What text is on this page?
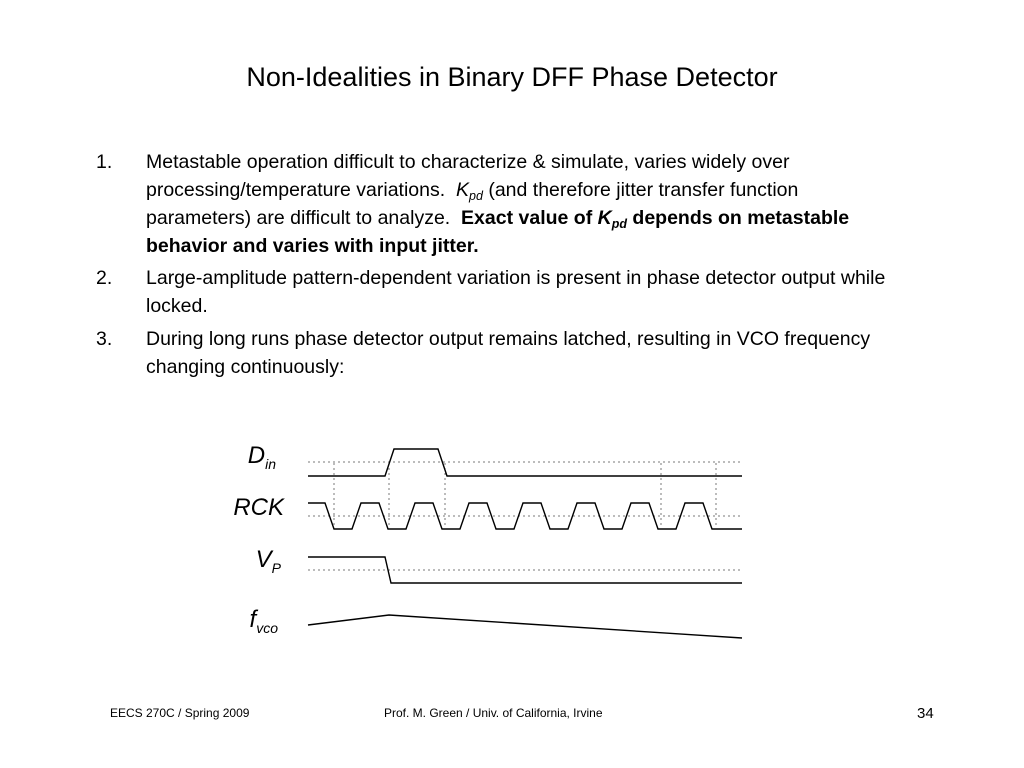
Non-Idealities in Binary DFF Phase Detector
1. Metastable operation difficult to characterize & simulate, varies widely over processing/temperature variations. $K_{pd}$ (and therefore jitter transfer function parameters) are difficult to analyze. Exact value of $K_{pd}$ depends on metastable behavior and varies with input jitter.
2. Large-amplitude pattern-dependent variation is present in phase detector output while locked.
3. During long runs phase detector output remains latched, resulting in VCO frequency changing continuously:
$D_{in}$
RCK
$V_P$
$f_{vco}$
EECS 270C / Spring 2009	Prof. M. Green / Univ. of California, Irvine	34
